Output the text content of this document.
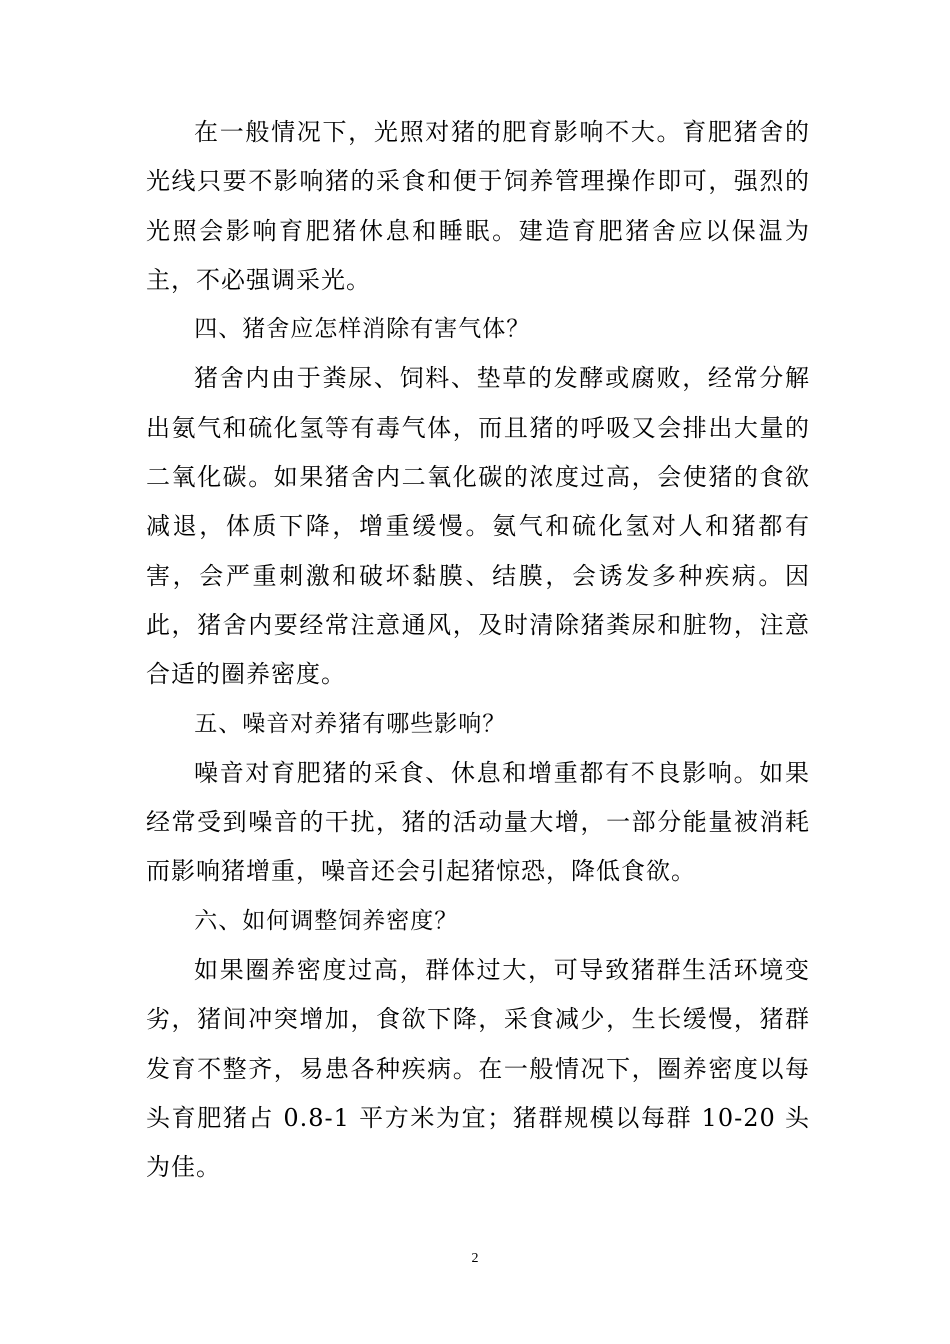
在一般情况下，光照对猪的肥育影响不大。育肥猪舍的光线只要不影响猪的采食和便于饲养管理操作即可，强烈的光照会影响育肥猪休息和睡眠。建造育肥猪舍应以保温为主，不必强调采光。

四、猪舍应怎样消除有害气体？

猪舍内由于粪尿、饲料、垫草的发酵或腐败，经常分解出氨气和硫化氢等有毒气体，而且猪的呼吸又会排出大量的二氧化碳。如果猪舍内二氧化碳的浓度过高，会使猪的食欲减退，体质下降，增重缓慢。氨气和硫化氢对人和猪都有害，会严重刺激和破坏黏膜、结膜，会诱发多种疾病。因此，猪舍内要经常注意通风，及时清除猪粪尿和脏物，注意合适的圈养密度。

五、噪音对养猪有哪些影响？

噪音对育肥猪的采食、休息和增重都有不良影响。如果经常受到噪音的干扰，猪的活动量大增，一部分能量被消耗而影响猪增重，噪音还会引起猪惊恐，降低食欲。

六、如何调整饲养密度？

如果圈养密度过高，群体过大，可导致猪群生活环境变劣，猪间冲突增加，食欲下降，采食减少，生长缓慢，猪群发育不整齐，易患各种疾病。在一般情况下，圈养密度以每头育肥猪占 0.8-1 平方米为宜；猪群规模以每群 10-20 头为佳。

2
